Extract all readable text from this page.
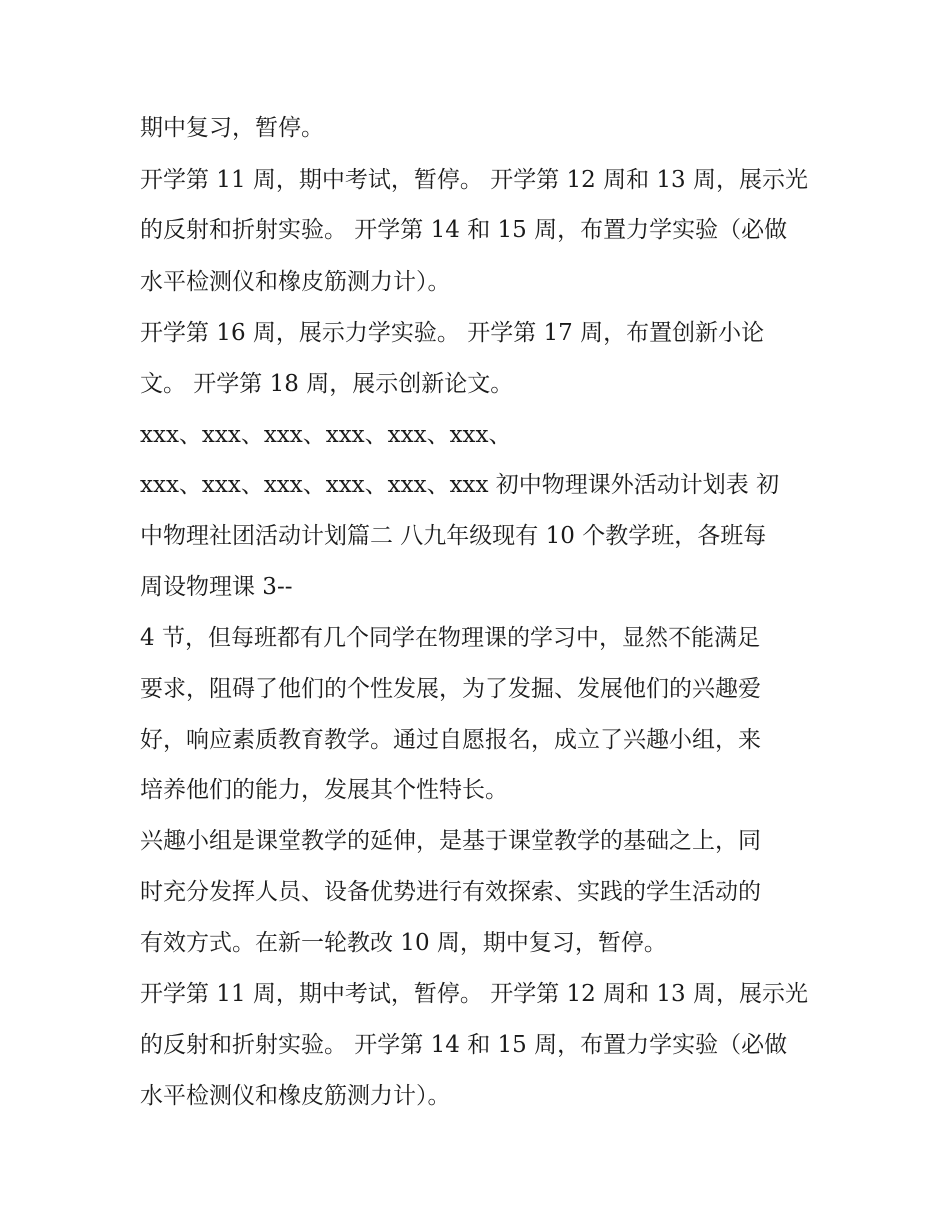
期中复习，暂停。
开学第 11 周，期中考试，暂停。 开学第 12 周和 13 周，展示光
的反射和折射实验。 开学第 14 和 15 周，布置力学实验（必做
水平检测仪和橡皮筋测力计）。
开学第 16 周，展示力学实验。 开学第 17 周，布置创新小论
文。 开学第 18 周，展示创新论文。
xxx、xxx、xxx、xxx、xxx、xxx、
xxx、xxx、xxx、xxx、xxx、xxx 初中物理课外活动计划表 初
中物理社团活动计划篇二 八九年级现有 10 个教学班，各班每
周设物理课 3--
4 节，但每班都有几个同学在物理课的学习中，显然不能满足
要求，阻碍了他们的个性发展，为了发掘、发展他们的兴趣爱
好，响应素质教育教学。通过自愿报名，成立了兴趣小组，来
培养他们的能力，发展其个性特长。
兴趣小组是课堂教学的延伸，是基于课堂教学的基础之上，同
时充分发挥人员、设备优势进行有效探索、实践的学生活动的
有效方式。在新一轮教改 10 周，期中复习，暂停。
开学第 11 周，期中考试，暂停。 开学第 12 周和 13 周，展示光
的反射和折射实验。 开学第 14 和 15 周，布置力学实验（必做
水平检测仪和橡皮筋测力计）。
